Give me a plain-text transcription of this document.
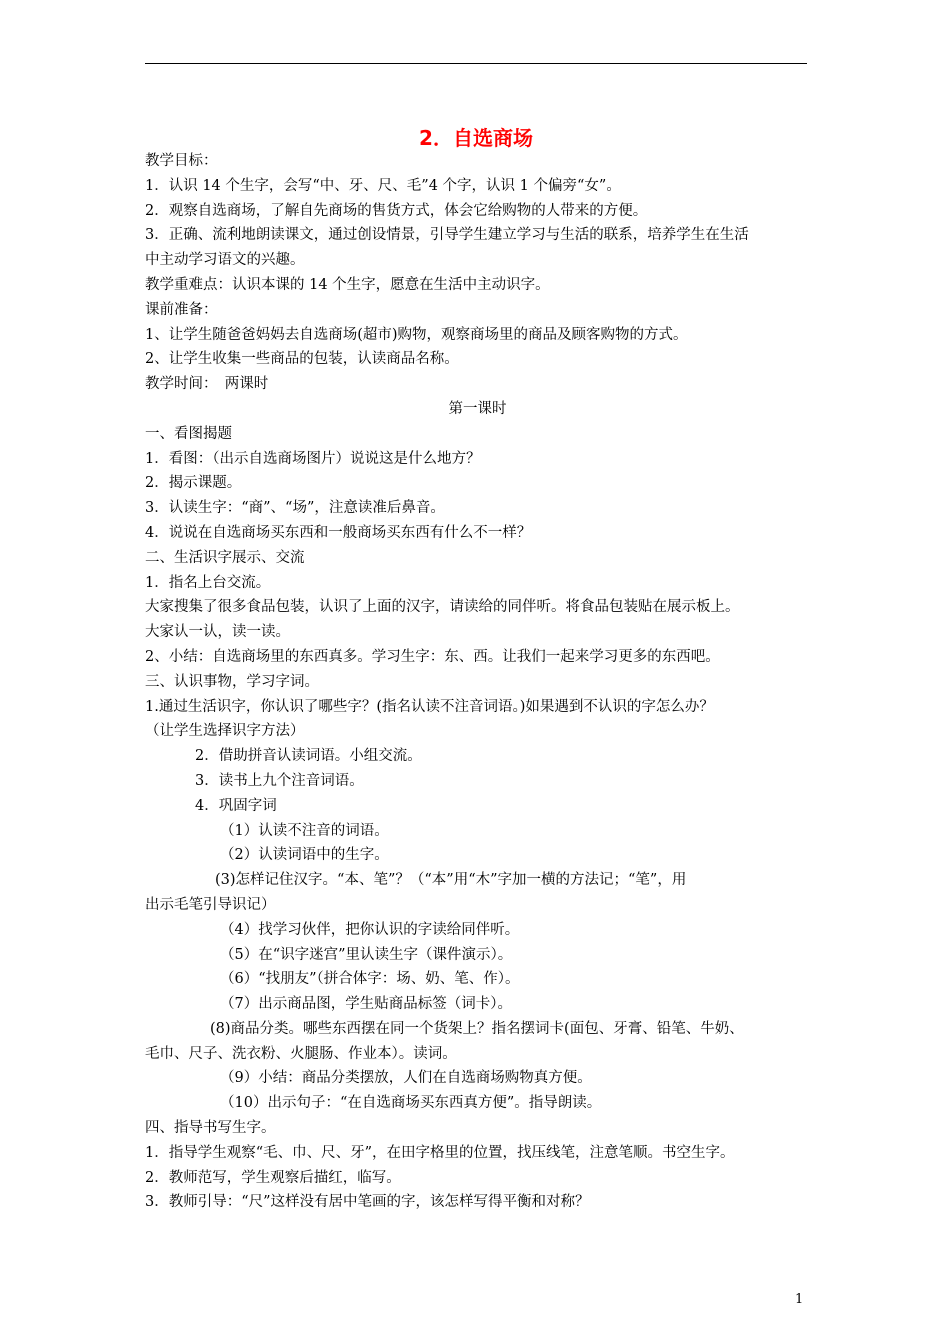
2．自选商场
教学目标：
1．认识 14 个生字，会写“中、牙、尺、毛”4 个字，认识 1 个偏旁“女”。
2．观察自选商场，了解自先商场的售货方式，体会它给购物的人带来的方便。
3．正确、流利地朗读课文，通过创设情景，引导学生建立学习与生活的联系，培养学生在生活
中主动学习语文的兴趣。
教学重难点：认识本课的 14 个生字，愿意在生活中主动识字。
课前准备：
1、让学生随爸爸妈妈去自选商场(超市)购物，观察商场里的商品及顾客购物的方式。
2、让学生收集一些商品的包装，认读商品名称。
教学时间：　两课时
第一课时
一、看图揭题
1．看图：（出示自选商场图片）说说这是什么地方？
2．揭示课题。
3．认读生字：“商”、“场”，注意读准后鼻音。
4．说说在自选商场买东西和一般商场买东西有什么不一样？
二、生活识字展示、交流
1．指名上台交流。
大家搜集了很多食品包装，认识了上面的汉字，请读给的同伴听。将食品包装贴在展示板上。
大家认一认，读一读。
2、小结：自选商场里的东西真多。学习生字：东、西。让我们一起来学习更多的东西吧。
三、认识事物，学习字词。
1.通过生活识字，你认识了哪些字？(指名认读不注音词语。)如果遇到不认识的字怎么办？
（让学生选择识字方法）
2．借助拼音认读词语。小组交流。
3．读书上九个注音词语。
4．巩固字词
（1）认读不注音的词语。
（2）认读词语中的生字。
(3)怎样记住汉字。“本、笔”？（“本”用“木”字加一横的方法记；“笔”，用
出示毛笔引导识记）
（4）找学习伙伴，把你认识的字读给同伴听。
（5）在“识字迷宫”里认读生字（课件演示）。
（6）“找朋友”（拼合体字：场、奶、笔、作）。
（7）出示商品图，学生贴商品标签（词卡）。
(8)商品分类。哪些东西摆在同一个货架上？指名摆词卡(面包、牙膏、铅笔、牛奶、
毛巾、尺子、洗衣粉、火腿肠、作业本）。读词。
（9）小结：商品分类摆放，人们在自选商场购物真方便。
（10）出示句子：“在自选商场买东西真方便”。指导朗读。
四、指导书写生字。
1．指导学生观察“毛、巾、尺、牙”，在田字格里的位置，找压线笔，注意笔顺。书空生字。
2．教师范写，学生观察后描红，临写。
3．教师引导：“尺”这样没有居中笔画的字，该怎样写得平衡和对称？
1
